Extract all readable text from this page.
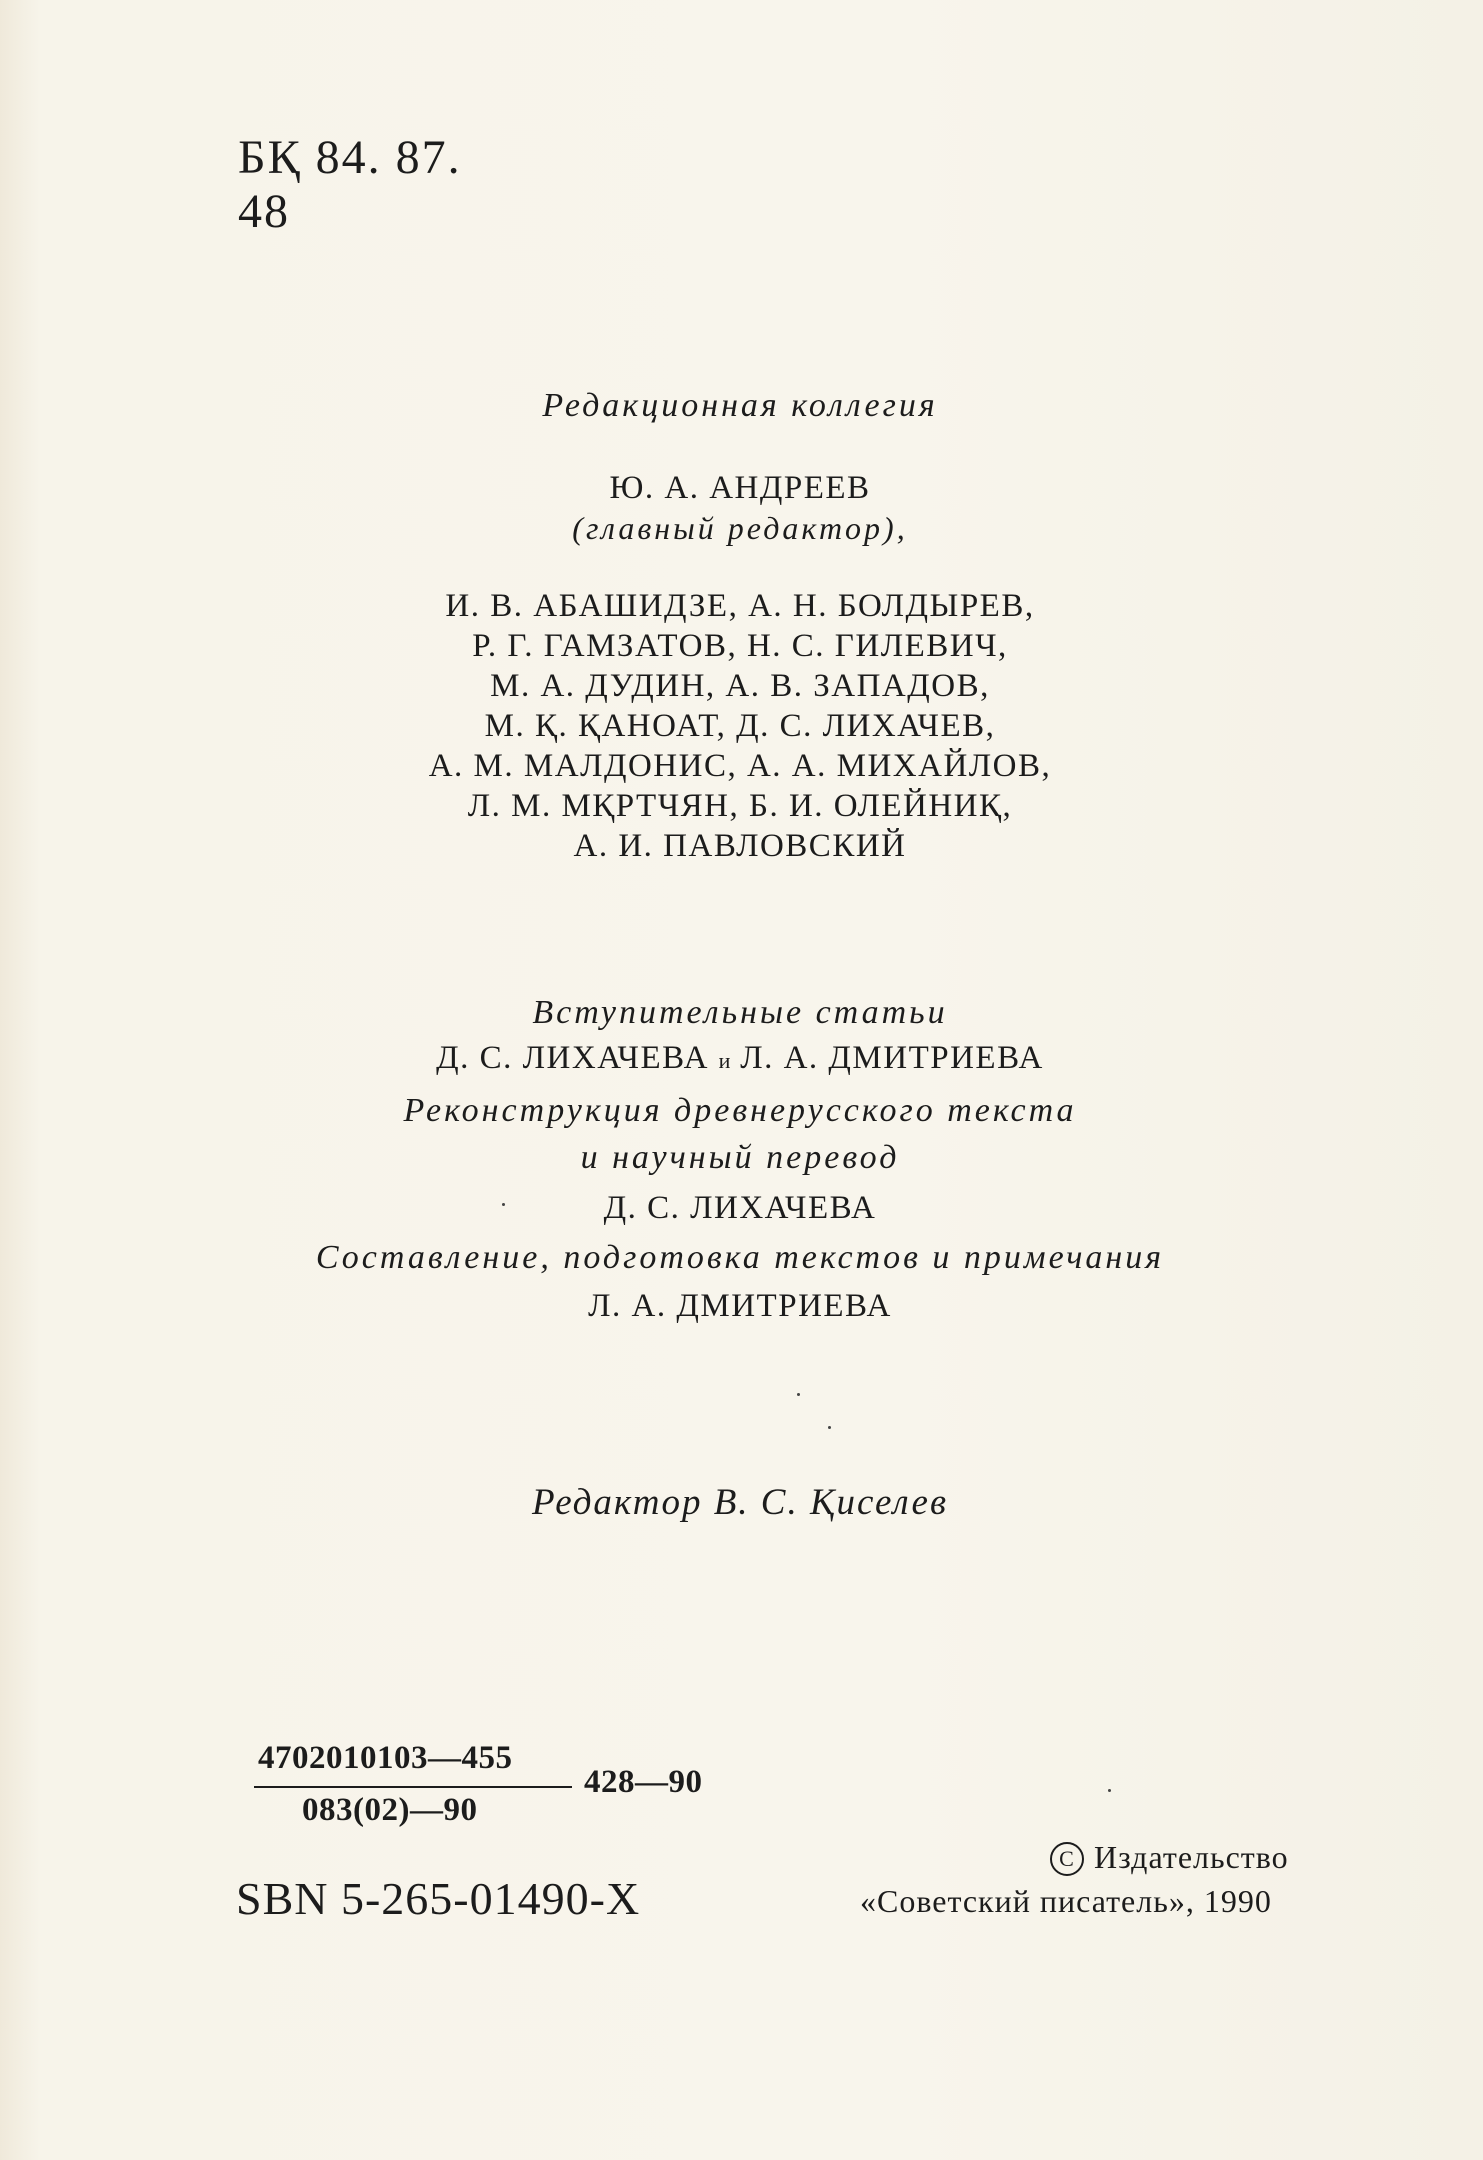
БҚ 84. 87.
48
Редакционная коллегия
Ю. А. АНДРЕЕВ
(главный редактор),
И. В. АБАШИДЗЕ, А. Н. БОЛДЫРЕВ,
Р. Г. ГАМЗАТОВ, Н. С. ГИЛЕВИЧ,
М. А. ДУДИН, А. В. ЗАПАДОВ,
М. Қ. ҚАНОАТ, Д. С. ЛИХАЧЕВ,
А. М. МАЛДОНИС, А. А. МИХАЙЛОВ,
Л. М. МҚРТЧЯН, Б. И. ОЛЕЙНИҚ,
А. И. ПАВЛОВСКИЙ
Вступительные статьи
Д. С. ЛИХАЧЕВА и Л. А. ДМИТРИЕВА
Реконструкция древнерусского текста
и научный перевод
Д. С. ЛИХАЧЕВА
Составление, подготовка текстов и примечания
Л. А. ДМИТРИЕВА
Редактор В. С. Қиселев
4702010103—455
083(02)—90
428—90
SBN 5-265-01490-X
C Издательство
«Советский писатель», 1990
